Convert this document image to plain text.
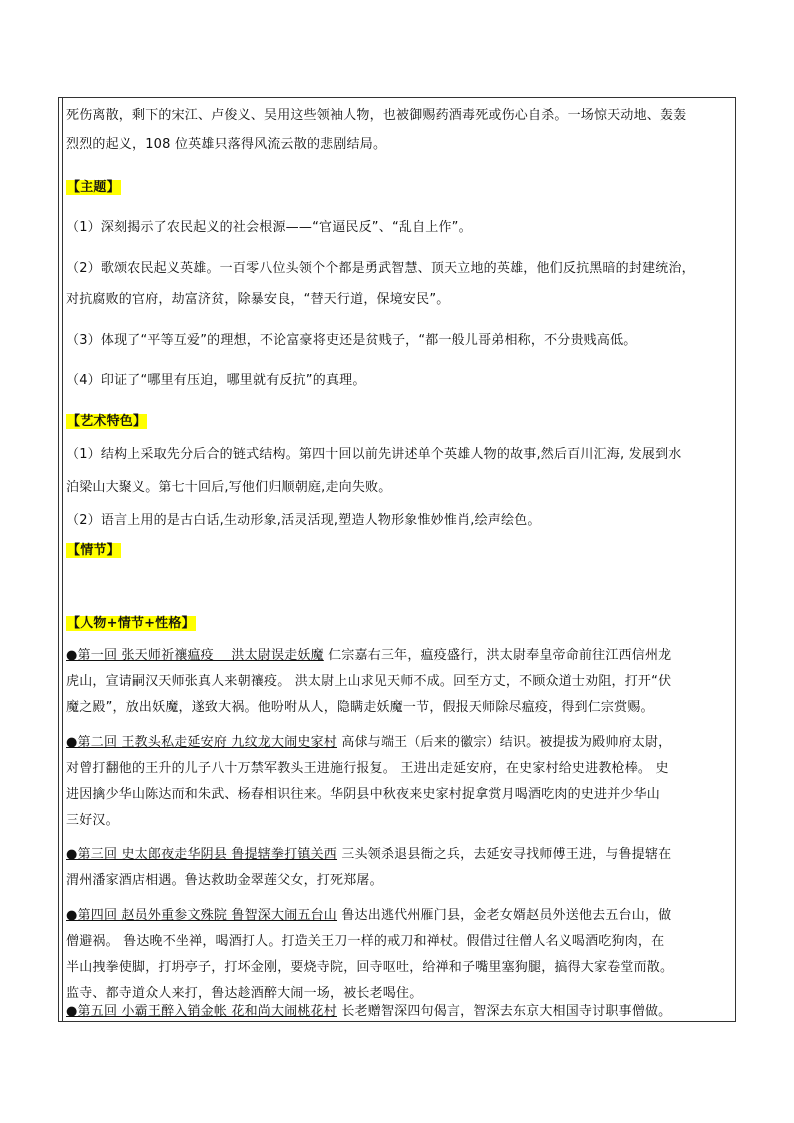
死伤离散，剩下的宋江、卢俊义、吴用这些领袖人物，也被御赐药酒毒死或伤心自杀。一场惊天动地、轰轰

烈烈的起义，108 位英雄只落得风流云散的悲剧结局。

【主题】

（1）深刻揭示了农民起义的社会根源——“官逼民反”、“乱自上作”。

（2）歌颂农民起义英雄。一百零八位头领个个都是勇武智慧、顶天立地的英雄，他们反抗黑暗的封建统治，

对抗腐败的官府，劫富济贫，除暴安良，“替天行道，保境安民”。

（3）体现了“平等互爱”的理想，不论富豪将吏还是贫贱子，“都一般儿哥弟相称，不分贵贱高低。

（4）印证了“哪里有压迫，哪里就有反抗”的真理。

【艺术特色】

（1）结构上采取先分后合的链式结构。第四十回以前先讲述单个英雄人物的故事,然后百川汇海, 发展到水

泊梁山大聚义。第七十回后,写他们归顺朝庭,走向失败。

（2）语言上用的是古白话,生动形象,活灵活现,塑造人物形象惟妙惟肖,绘声绘色。

【情节】

【人物+情节+性格】

●第一回 张天师祈禳瘟疫　 洪太尉误走妖魔 仁宗嘉右三年，瘟疫盛行，洪太尉奉皇帝命前往江西信州龙

虎山，宣请嗣汉天师张真人来朝禳疫。 洪太尉上山求见天师不成。回至方丈，不顾众道士劝阻，打开“伏

魔之殿”，放出妖魔，遂致大祸。他吩咐从人，隐瞒走妖魔一节，假报天师除尽瘟疫，得到仁宗赏赐。

●第二回 王教头私走延安府 九纹龙大闹史家村 高俅与端王（后来的徽宗）结识。被提拔为殿帅府太尉，

对曾打翻他的王升的儿子八十万禁军教头王进施行报复。 王进出走延安府，在史家村给史进教枪棒。 史

进因擒少华山陈达而和朱武、杨春相识往来。华阴县中秋夜来史家村捉拿赏月喝酒吃肉的史进并少华山

三好汉。

●第三回 史太郎夜走华阴县 鲁提辖拳打镇关西 三头领杀退县衙之兵，去延安寻找师傅王进，与鲁提辖在

渭州潘家酒店相遇。鲁达救助金翠莲父女，打死郑屠。

●第四回 赵员外重参文殊院 鲁智深大闹五台山 鲁达出逃代州雁门县，金老女婿赵员外送他去五台山，做

僧避祸。 鲁达晚不坐禅，喝酒打人。打造关王刀一样的戒刀和禅杖。假借过往僧人名义喝酒吃狗肉，在

半山拽拳使脚，打坍亭子，打坏金刚，要烧寺院，回寺呕吐，给禅和子嘴里塞狗腿，搞得大家卷堂而散。

监寺、都寺道众人来打，鲁达趁酒醉大闹一场，被长老喝住。

●第五回 小霸王醉入销金帐 花和尚大闹桃花村 长老赠智深四句偈言，智深去东京大相国寺讨职事僧做。
